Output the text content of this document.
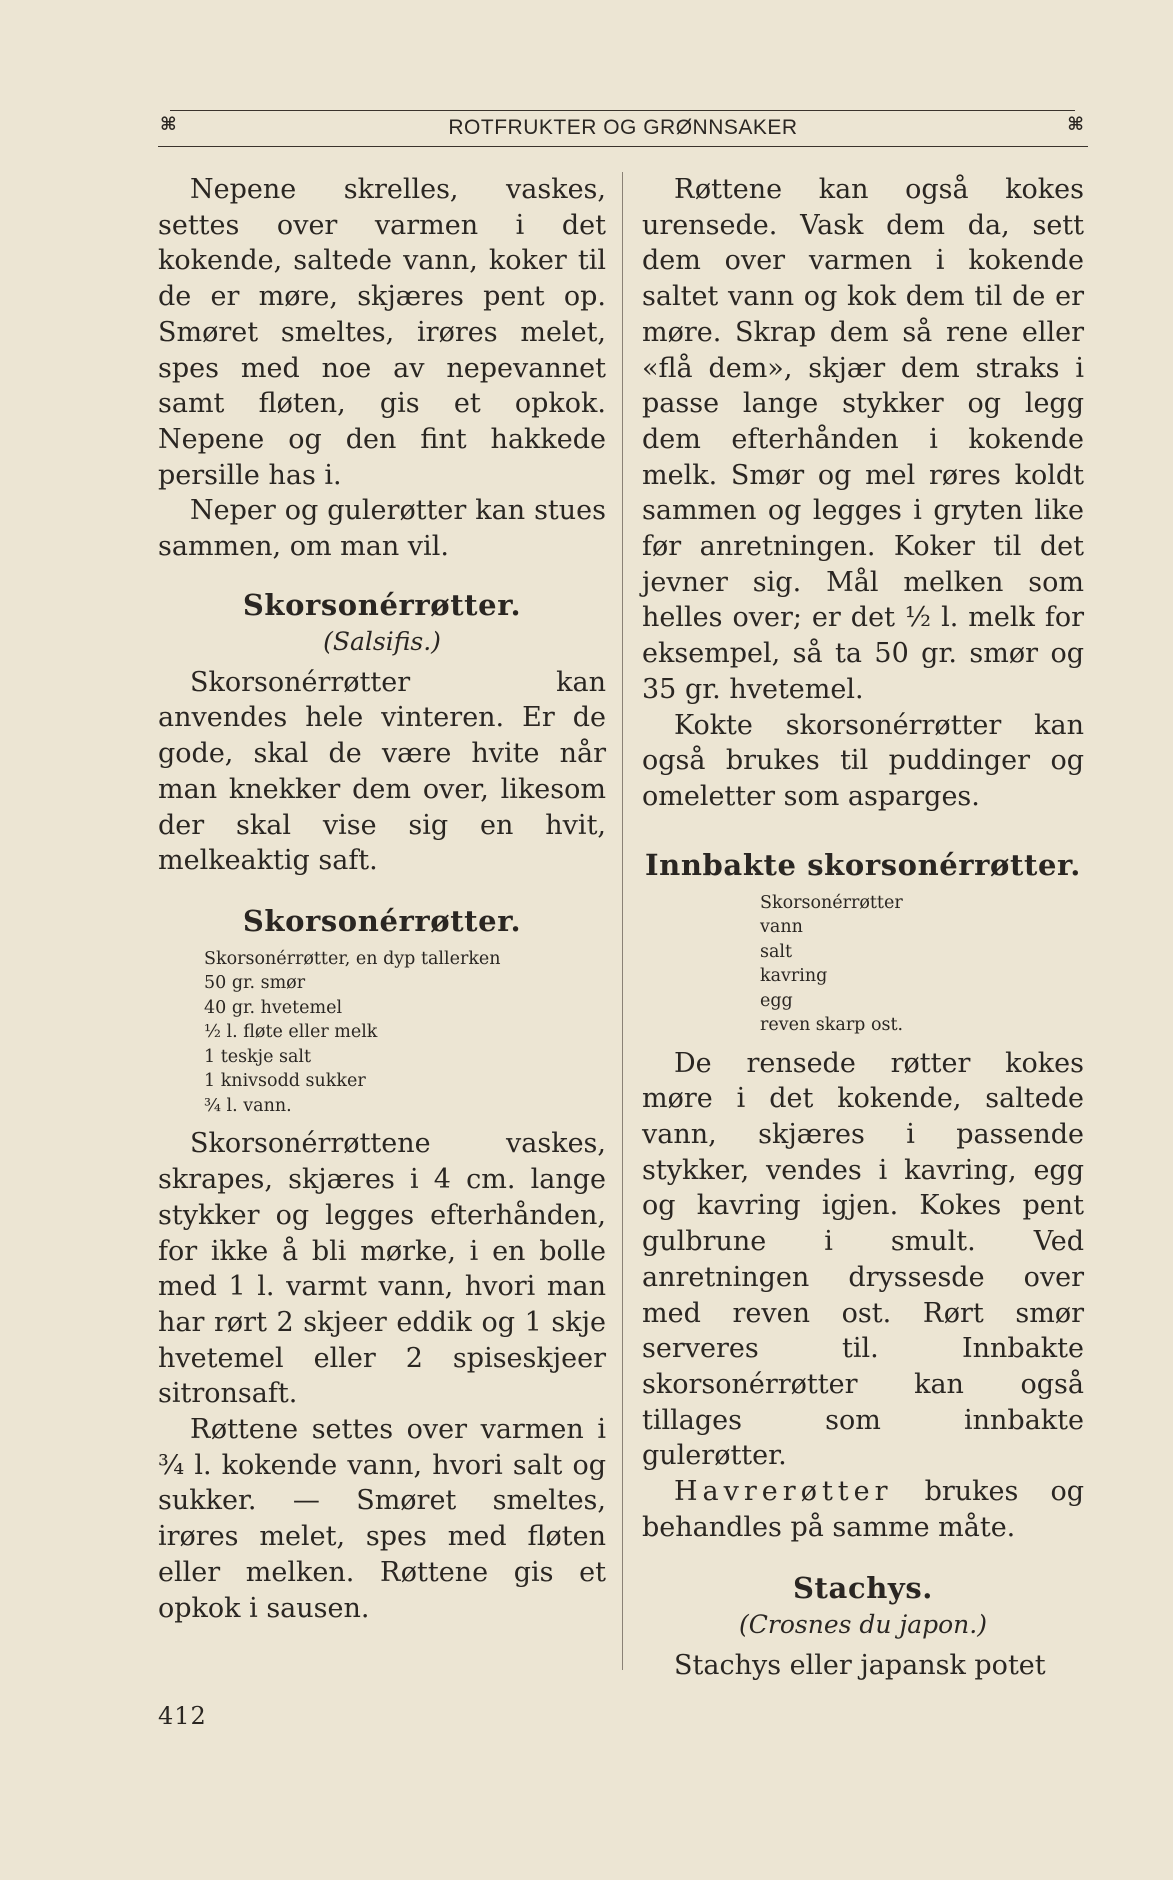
⌘	ROTFRUKTER OG GRØNNSAKER	⌘

Nepene skrelles, vaskes, settes over varmen i det kokende, saltede vann, koker til de er møre, skjæres pent op. Smøret smeltes, irøres melet, spes med noe av nepevannet samt fløten, gis et opkok. Nepene og den fint hakkede persille has i.

Neper og gulerøtter kan stues sammen, om man vil.

Skorsonérrøtter.
(Salsifis.)

Skorsonérrøtter kan anvendes hele vinteren. Er de gode, skal de være hvite når man knekker dem over, likesom der skal vise sig en hvit, melkeaktig saft.

Skorsonérrøtter.
Skorsonérrøtter, en dyp tallerken
50 gr. smør
40 gr. hvetemel
½ l. fløte eller melk
1 teskje salt
1 knivsodd sukker
¾ l. vann.

Skorsonérrøttene vaskes, skrapes, skjæres i 4 cm. lange stykker og legges efterhånden, for ikke å bli mørke, i en bolle med 1 l. varmt vann, hvori man har rørt 2 skjeer eddik og 1 skje hvetemel eller 2 spiseskjeer sitronsaft.

Røttene settes over varmen i ¾ l. kokende vann, hvori salt og sukker. — Smøret smeltes, irøres melet, spes med fløten eller melken. Røttene gis et opkok i sausen.

Røttene kan også kokes urensede. Vask dem da, sett dem over varmen i kokende saltet vann og kok dem til de er møre. Skrap dem så rene eller «flå dem», skjær dem straks i passe lange stykker og legg dem efterhånden i kokende melk. Smør og mel røres koldt sammen og legges i gryten like før anretningen. Koker til det jevner sig. Mål melken som helles over; er det ½ l. melk for eksempel, så ta 50 gr. smør og 35 gr. hvetemel.

Kokte skorsonérrøtter kan også brukes til puddinger og omeletter som asparges.

Innbakte skorsonérrøtter.
Skorsonérrøtter
vann
salt
kavring
egg
reven skarp ost.

De rensede røtter kokes møre i det kokende, saltede vann, skjæres i passende stykker, vendes i kavring, egg og kavring igjen. Kokes pent gulbrune i smult. Ved anretningen dryssesde over med reven ost. Rørt smør serveres til. Innbakte skorsonérrøtter kan også tillages som innbakte gulerøtter.

Havrerøtter brukes og behandles på samme måte.

Stachys.
(Crosnes du japon.)

Stachys eller japansk potet

412
